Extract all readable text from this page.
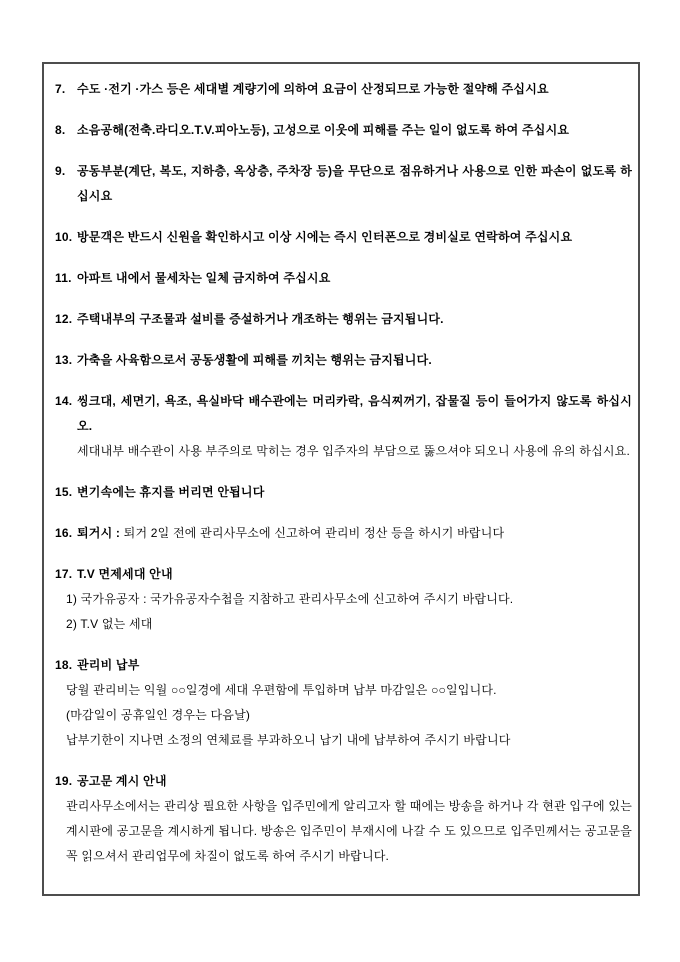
7. 수도 ·전기 ·가스 등은 세대별 계량기에 의하여 요금이 산정되므로 가능한 절약해 주십시요
8. 소음공해(전축.라디오.T.V.피아노등), 고성으로 이웃에 피해를 주는 일이 없도록 하여 주십시요
9. 공동부분(계단, 복도, 지하층, 옥상층, 주차장 등)을 무단으로 점유하거나 사용으로 인한 파손이 없도록 하십시요
10. 방문객은 반드시 신원을 확인하시고 이상 시에는 즉시 인터폰으로 경비실로 연락하여 주십시요
11. 아파트 내에서 물세차는 일체 금지하여 주십시요
12. 주택내부의 구조물과 설비를 증설하거나 개조하는 행위는 금지됩니다.
13. 가축을 사육함으로서 공동생활에 피해를 끼치는 행위는 금지됩니다.
14. 씽크대, 세면기, 욕조, 욕실바닥 배수관에는 머리카락, 음식찌꺼기, 잡물질 등이 들어가지 않도록 하십시오.
세대내부 배수관이 사용 부주의로 막히는 경우 입주자의 부담으로 뚫으셔야 되오니 사용에 유의 하십시요.
15. 변기속에는 휴지를 버리면 안됩니다
16. 퇴거시 : 퇴거 2일 전에 관리사무소에 신고하여 관리비 정산 등을 하시기 바랍니다
17. T.V 면제세대 안내
1) 국가유공자 : 국가유공자수첩을 지참하고 관리사무소에 신고하여 주시기 바랍니다.
2) T.V 없는 세대
18. 관리비 납부
당월 관리비는 익월 ○○일경에 세대 우편함에 투입하며 납부 마감일은 ○○일입니다.
(마감일이 공휴일인 경우는 다음날)
납부기한이 지나면 소정의 연체료를 부과하오니 납기 내에 납부하여 주시기 바랍니다
19. 공고문 계시 안내
관리사무소에서는 관리상 필요한 사항을 입주민에게 알리고자 할 때에는 방송을 하거나 각 현관 입구에 있는 계시판에 공고문을 계시하게 됩니다. 방송은 입주민이 부재시에 나갈 수 도 있으므로 입주민께서는 공고문을 꼭 읽으셔서 관리업무에 차질이 없도록 하여 주시기 바랍니다.
